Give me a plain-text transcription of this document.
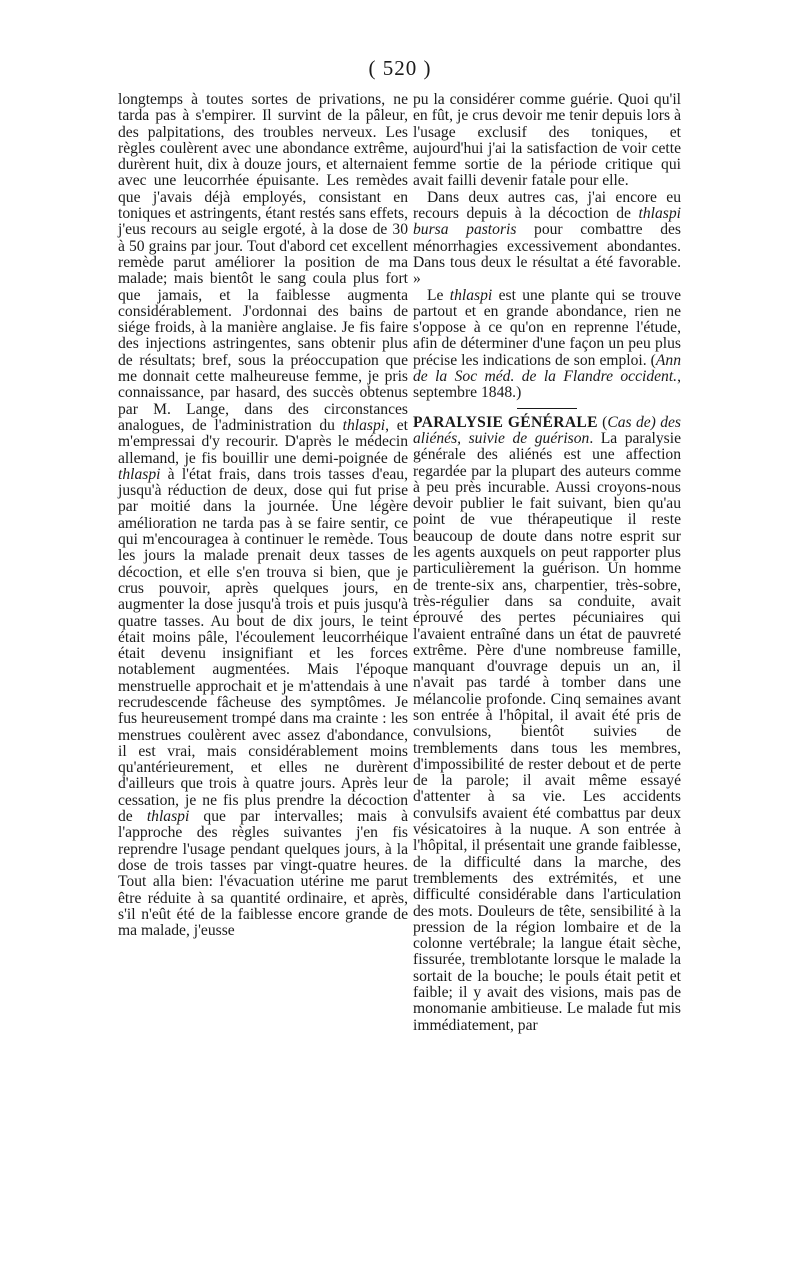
( 520 )

longtemps à toutes sortes de privations, ne tarda pas à s'empirer. Il survint de la pâleur, des palpitations, des troubles nerveux. Les règles coulèrent avec une abondance extrême, durèrent huit, dix à douze jours, et alternaient avec une leucorrhée épuisante. Les remèdes que j'avais déjà employés, consistant en toniques et astringents, étant restés sans effets, j'eus recours au seigle ergoté, à la dose de 30 à 50 grains par jour. Tout d'abord cet excellent remède parut améliorer la position de ma malade; mais bientôt le sang coula plus fort que jamais, et la faiblesse augmenta considérablement. J'ordonnai des bains de siége froids, à la manière anglaise. Je fis faire des injections astringentes, sans obtenir plus de résultats; bref, sous la préoccupation que me donnait cette malheureuse femme, je pris connaissance, par hasard, des succès obtenus par M. Lange, dans des circonstances analogues, de l'administration du thlaspi, et m'empressai d'y recourir. D'après le médecin allemand, je fis bouillir une demi-poignée de thlaspi à l'état frais, dans trois tasses d'eau, jusqu'à réduction de deux, dose qui fut prise par moitié dans la journée. Une légère amélioration ne tarda pas à se faire sentir, ce qui m'encouragea à continuer le remède. Tous les jours la malade prenait deux tasses de décoction, et elle s'en trouva si bien, que je crus pouvoir, après quelques jours, en augmenter la dose jusqu'à trois et puis jusqu'à quatre tasses. Au bout de dix jours, le teint était moins pâle, l'écoulement leucorrhéique était devenu insignifiant et les forces notablement augmentées. Mais l'époque menstruelle approchait et je m'attendais à une recrudescende fâcheuse des symptômes. Je fus heureusement trompé dans ma crainte : les menstrues coulèrent avec assez d'abondance, il est vrai, mais considérablement moins qu'antérieurement, et elles ne durèrent d'ailleurs que trois à quatre jours. Après leur cessation, je ne fis plus prendre la décoction de thlaspi que par intervalles; mais à l'approche des règles suivantes j'en fis reprendre l'usage pendant quelques jours, à la dose de trois tasses par vingt-quatre heures. Tout alla bien: l'évacuation utérine me parut être réduite à sa quantité ordinaire, et après, s'il n'eût été de la faiblesse encore grande de ma malade, j'eusse

pu la considérer comme guérie. Quoi qu'il en fût, je crus devoir me tenir depuis lors à l'usage exclusif des toniques, et aujourd'hui j'ai la satisfaction de voir cette femme sortie de la période critique qui avait failli devenir fatale pour elle.

Dans deux autres cas, j'ai encore eu recours depuis à la décoction de thlaspi bursa pastoris pour combattre des ménorrhagies excessivement abondantes. Dans tous deux le résultat a été favorable. »

Le thlaspi est une plante qui se trouve partout et en grande abondance, rien ne s'oppose à ce qu'on en reprenne l'étude, afin de déterminer d'une façon un peu plus précise les indications de son emploi. (Ann de la Soc méd. de la Flandre occident., septembre 1848.)

PARALYSIE GÉNÉRALE (Cas de) des aliénés, suivie de guérison. La paralysie générale des aliénés est une affection regardée par la plupart des auteurs comme à peu près incurable. Aussi croyons-nous devoir publier le fait suivant, bien qu'au point de vue thérapeutique il reste beaucoup de doute dans notre esprit sur les agents auxquels on peut rapporter plus particulièrement la guérison. Un homme de trente-six ans, charpentier, très-sobre, très-régulier dans sa conduite, avait éprouvé des pertes pécuniaires qui l'avaient entraîné dans un état de pauvreté extrême. Père d'une nombreuse famille, manquant d'ouvrage depuis un an, il n'avait pas tardé à tomber dans une mélancolie profonde. Cinq semaines avant son entrée à l'hôpital, il avait été pris de convulsions, bientôt suivies de tremblements dans tous les membres, d'impossibilité de rester debout et de perte de la parole; il avait même essayé d'attenter à sa vie. Les accidents convulsifs avaient été combattus par deux vésicatoires à la nuque. A son entrée à l'hôpital, il présentait une grande faiblesse, de la difficulté dans la marche, des tremblements des extrémités, et une difficulté considérable dans l'articulation des mots. Douleurs de tête, sensibilité à la pression de la région lombaire et de la colonne vertébrale; la langue était sèche, fissurée, tremblotante lorsque le malade la sortait de la bouche; le pouls était petit et faible; il y avait des visions, mais pas de monomanie ambitieuse. Le malade fut mis immédiatement, par
